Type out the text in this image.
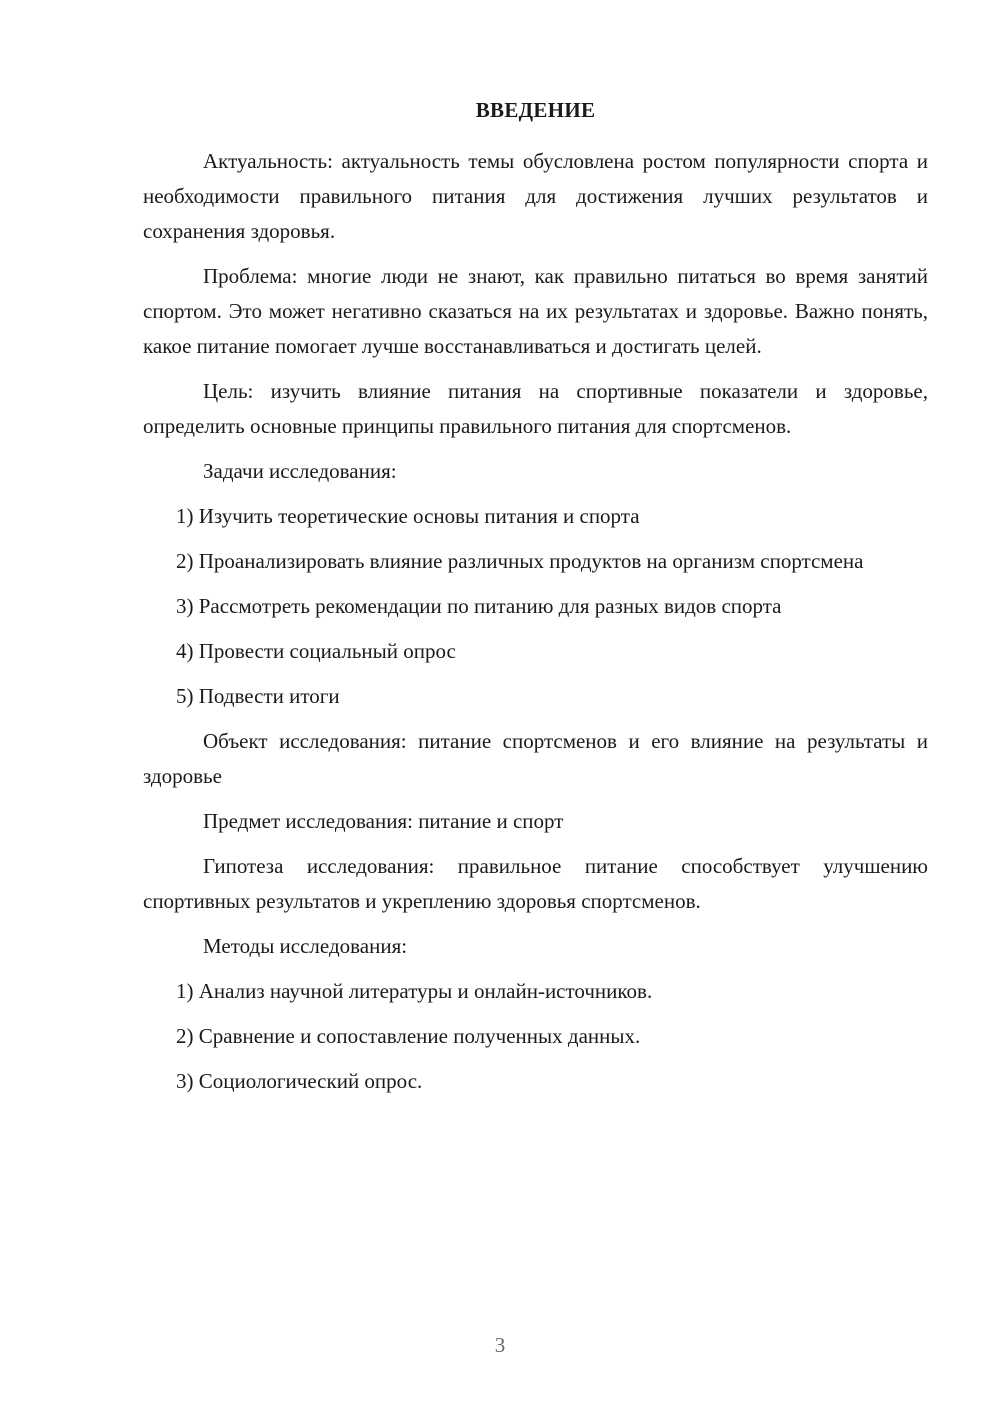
ВВЕДЕНИЕ
Актуальность: актуальность темы обусловлена ростом популярности спорта и необходимости правильного питания для достижения лучших результатов и сохранения здоровья.
Проблема: многие люди не знают, как правильно питаться во время занятий спортом. Это может негативно сказаться на их результатах и здоровье. Важно понять, какое питание помогает лучше восстанавливаться и достигать целей.
Цель: изучить влияние питания на спортивные показатели и здоровье, определить основные принципы правильного питания для спортсменов.
Задачи исследования:
1) Изучить теоретические основы питания и спорта
2) Проанализировать влияние различных продуктов на организм спортсмена
3) Рассмотреть рекомендации по питанию для разных видов спорта
4) Провести социальный опрос
5) Подвести итоги
Объект исследования: питание спортсменов и его влияние на результаты и здоровье
Предмет исследования: питание и спорт
Гипотеза исследования: правильное питание способствует улучшению спортивных результатов и укреплению здоровья спортсменов.
Методы исследования:
1) Анализ научной литературы и онлайн-источников.
2) Сравнение и сопоставление полученных данных.
3) Социологический опрос.
3
